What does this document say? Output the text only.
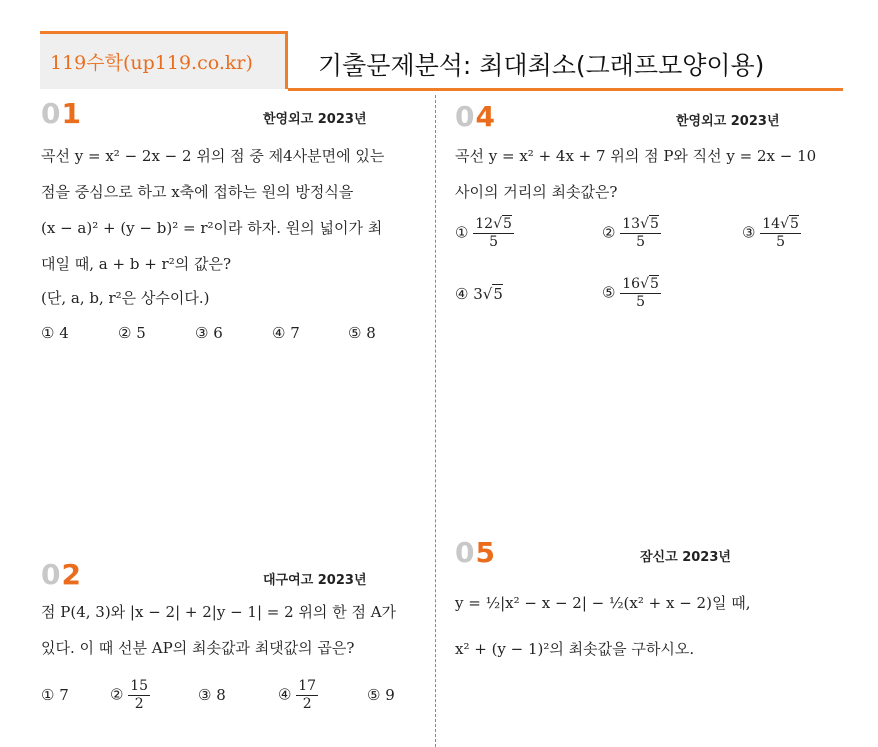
119수학(up119.co.kr)	기출문제분석: 최대최소(그래프모양이용)
01	한영외고 2023년
곡선 y = x² − 2x − 2 위의 점 중 제4사분면에 있는
점을 중심으로 하고 x축에 접하는 원의 방정식을
(x − a)² + (y − b)² = r²이라 하자. 원의 넓이가 최
대일 때, a + b + r²의 값은?
(단, a, b, r²은 상수이다.)
① 4	② 5	③ 6	④ 7	⑤ 8
02	대구여고 2023년
점 P(4, 3)와 |x − 2| + 2|y − 1| = 2 위의 한 점 A가
있다. 이 때 선분 AP의 최솟값과 최댓값의 곱은?
① 7	② $\frac{15}{2}$	③ 8	④ $\frac{17}{2}$	⑤ 9
04	한영외고 2023년
곡선 y = x² + 4x + 7 위의 점 P와 직선 y = 2x − 10
사이의 거리의 최솟값은?
① $\frac{12√5}{5}$	② $\frac{13√5}{5}$	③ $\frac{14√5}{5}$
④ 3√5	⑤ $\frac{16√5}{5}$
05	잠신고 2023년
y = ½|x² − x − 2| − ½(x² + x − 2)일 때,
x² + (y − 1)²의 최솟값을 구하시오.
